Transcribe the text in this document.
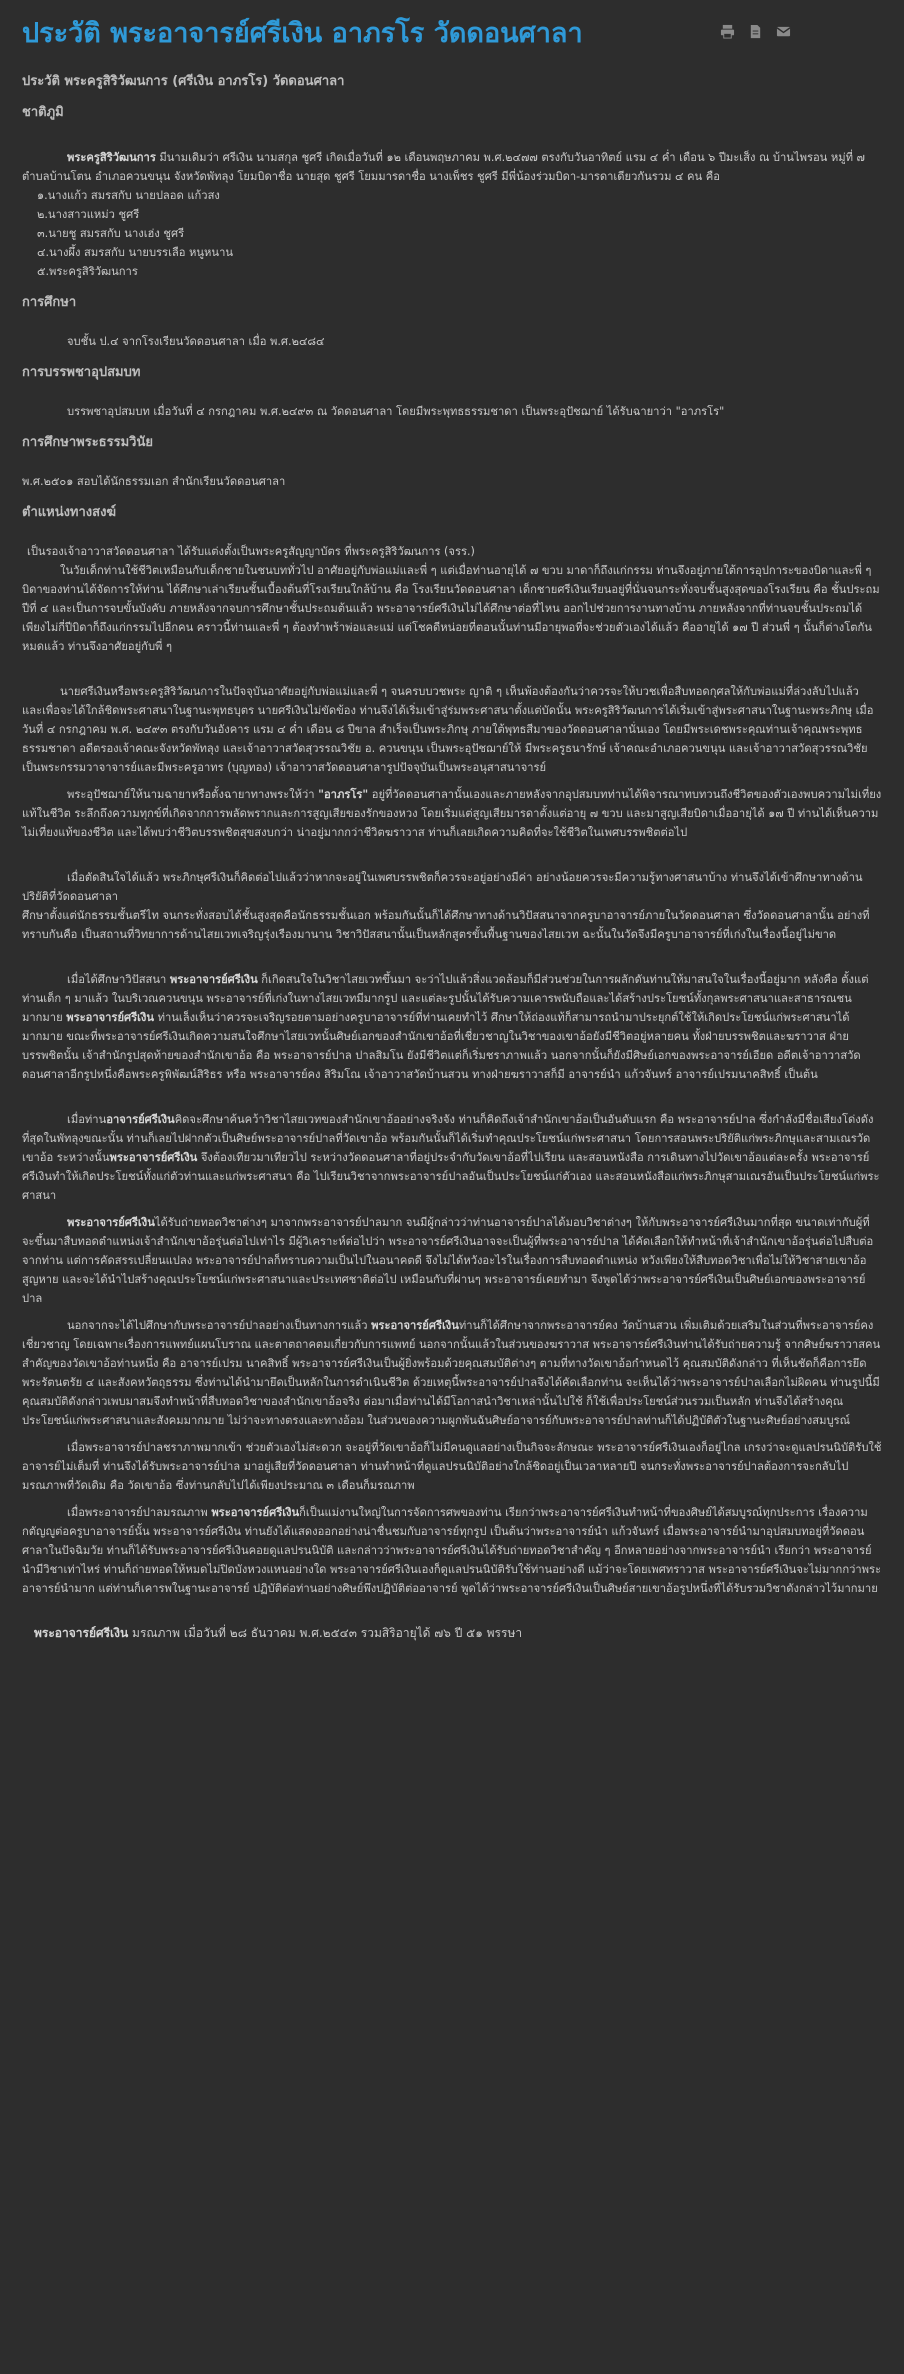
ประวัติ พระอาจารย์ศรีเงิน อาภรโร วัดดอนศาลา
ประวัติ พระครูสิริวัฒนการ (ศรีเงิน อาภรโร) วัดดอนศาลา
ชาติภูมิ

พระครูสิริวัฒนการ มีนามเดิมว่า ศรีเงิน นามสกุล ชูศรี เกิดเมื่อวันที่ ๑๒ เดือนพฤษภาคม พ.ศ.๒๔๗๗ ตรงกับวันอาทิตย์ แรม ๔ ค่ำ เดือน ๖ ปีมะเส็ง ณ บ้านไพรอน หมู่ที่ ๗ ตำบลบ้านโตน อำเภอควนขนุน จังหวัดพัทลุง โยมบิดาชื่อ นายสุด ชูศรี โยมมารดาชื่อ นางเพ็ชร ชูศรี มีพี่น้องร่วมบิดา-มารดาเดียวกันรวม ๔ คน คือ

๑.นางแก้ว สมรสกับ นายปลอด แก้วสง
๒.นางสาวแหม่ว ชูศรี
๓.นายชู สมรสกับ นางเฮ่ง ชูศรี
๔.นางผึ้ง สมรสกับ นายบรรเลือ หนูหนาน
๕.พระครูสิริวัฒนการ
การศึกษา

จบชั้น ป.๔ จากโรงเรียนวัดดอนศาลา เมื่อ พ.ศ.๒๔๘๔

การบรรพชาอุปสมบท

บรรพชาอุปสมบท เมื่อวันที่ ๔ กรกฎาคม พ.ศ.๒๔๙๓ ณ วัดดอนศาลา โดยมีพระพุทธธรรมชาดา เป็นพระอุปัชฌาย์ ได้รับฉายาว่า "อาภรโร"

การศึกษาพระธรรมวินัย

พ.ศ.๒๕๐๑ สอบได้นักธรรมเอก สำนักเรียนวัดดอนศาลา

ตำแหน่งทางสงฆ์

เป็นรองเจ้าอาวาสวัดดอนศาลา ได้รับแต่งตั้งเป็นพระครูสัญญาบัตร ที่พระครูสิริวัฒนการ (จรร.)

ในวัยเด็กท่านใช้ชีวิตเหมือนกับเด็กชายในชนบททั่วไป อาศัยอยู่กับพ่อแม่และพี่ ๆ แต่เมื่อท่านอายุได้ ๗ ขวบ มาดาก็ถึงแก่กรรม ท่านจึงอยู่ภายใต้การอุปการะของบิดาและพี่ ๆ บิดาของท่านได้จัดการให้ท่าน ได้ศึกษาเล่าเรียนชั้นเบื้องต้นที่โรงเรียนใกล้บ้าน คือ โรงเรียนวัดดอนศาลา เด็กชายศรีเงินเรียนอยู่ที่นั่นจนกระทั่งจบชั้นสูงสุดของโรงเรียน คือ ชั้นประถมปีที่ ๔ และเป็นการจบขั้นบังคับ ภายหลังจากจบการศึกษาชั้นประถมต้นแล้ว พระอาจารย์ศรีเงินไม่ได้ศึกษาต่อที่ไหน ออกไปช่วยการงานทางบ้าน ภายหลังจากที่ท่านจบชั้นประถมได้เพียงไม่กี่ปีบิดาก็ถึงแก่กรรมไปอีกคน คราวนี้ท่านและพี่ ๆ ต้องทำพร้าพ่อและแม่ แต่โชคดีหน่อยที่ตอนนั้นท่านมีอายุพอที่จะช่วยตัวเองได้แล้ว คืออายุได้ ๑๗ ปี ส่วนพี่ ๆ นั้นก็ต่างโตกันหมดแล้ว ท่านจึงอาศัยอยู่กับพี่ ๆ

นายศรีเงินหรือพระครูสิริวัฒนการในปัจจุบันอาศัยอยู่กับพ่อแม่และพี่ ๆ จนครบบวชพระ ญาติ ๆ เห็นพ้องต้องกันว่าควรจะให้บวชเพื่อสืบทอดกุศลให้กับพ่อแม่ที่ล่วงลับไปแล้ว และเพื่อจะได้ใกล้ชิดพระศาสนาในฐานะพุทธบุตร นายศรีเงินไม่ขัดข้อง ท่านจึงได้เริ่มเข้าสู่ร่มพระศาสนาตั้งแต่บัดนั้น พระครูสิริวัฒนการได้เริ่มเข้าสู่พระศาสนาในฐานะพระภิกษุ เมื่อวันที่ ๔ กรกฎาคม พ.ศ. ๒๔๙๓ ตรงกับวันอังคาร แรม ๔ ค่ำ เดือน ๘ ปีขาล สำเร็จเป็นพระภิกษุ ภายใต้พุทธสีมาของวัดดอนศาลานั่นเอง โดยมีพระเดชพระคุณท่านเจ้าคุณพระพุทธธรรมชาดา อดีตรองเจ้าคณะจังหวัดพัทลุง และเจ้าอาวาสวัดสุวรรณวิชัย อ. ควนขนุน เป็นพระอุปัชฌาย์ให้ มีพระครูธนารักษ์ เจ้าคณะอำเภอควนขนุน และเจ้าอาวาสวัดสุวรรณวิชัย เป็นพระกรรมวาจาจารย์และมีพระครูอาทร (บุญทอง) เจ้าอาวาสวัดดอนศาลารูปปัจจุบันเป็นพระอนุสาสนาจารย์

พระอุปัชฌาย์ให้นามฉายาหรือตั้งฉายาทางพระให้ว่า "อาภรโร" อยู่ที่วัดดอนศาลานั้นเองและภายหลังจากอุปสมบทท่านได้พิจารณาทบทวนถึงชีวิตของตัวเองพบความไม่เที่ยงแท้ในชีวิต ระลึกถึงความทุกข์ที่เกิดจากการพลัดพรากและการสูญเสียของรักของหวง โดยเริ่มแต่สูญเสียมารดาตั้งแต่อายุ ๗ ขวบ และมาสูญเสียบิดาเมื่ออายุได้ ๑๗ ปี ท่านได้เห็นความไม่เที่ยงแท้ของชีวิต และได้พบว่าชีวิตบรรพชิตสุขสงบกว่า น่าอยู่มากกว่าชีวิตฆราวาส ท่านก็เลยเกิดความคิดที่จะใช้ชีวิตในเพศบรรพชิตต่อไป

เมื่อตัดสินใจได้แล้ว พระภิกษุศรีเงินก็คิดต่อไปแล้วว่าหากจะอยู่ในเพศบรรพชิตก็ควรจะอยู่อย่างมีค่า อย่างน้อยควรจะมีความรู้ทางศาสนาบ้าง ท่านจึงได้เข้าศึกษาทางด้านปริยัติที่วัดดอนศาลา

ศึกษาตั้งแต่นักธรรมชั้นตรีไท จนกระทั่งสอบได้ชั้นสูงสุดคือนักธรรมชั้นเอก พร้อมกันนั้นก็ได้ศึกษาทางด้านวิปัสสนาจากครูบาอาจารย์ภายในวัดดอนศาลา ซึ่งวัดดอนศาลานั้น อย่างที่ทราบกันคือ เป็นสถานที่วิทยาการด้านไสยเวทเจริญรุ่งเรืองมานาน วิชาวิปัสสนานั้นเป็นหลักสูตรขั้นพื้นฐานของไสยเวท ฉะนั้นในวัดจึงมีครูบาอาจารย์ที่เก่งในเรื่องนี้อยู่ไม่ขาด

เมื่อได้ศึกษาวิปัสสนา พระอาจารย์ศรีเงิน ก็เกิดสนใจในวิชาไสยเวทขึ้นมา จะว่าไปแล้วสิ่งแวดล้อมก็มีส่วนช่วยในการผลักดันท่านให้มาสนใจในเรื่องนี้อยู่มาก หลังคือ ตั้งแต่ท่านเด็ก ๆ มาแล้ว ในบริเวณควนขนุน พระอาจารย์ที่เก่งในทางไสยเวทมีมากรูป และแต่ละรูปนั้นได้รับความเคารพนับถือและได้สร้างประโยชน์ทั้งกุลพระศาสนาและสาธารณชนมากมาย พระอาจารย์ศรีเงิน ท่านเล็งเห็นว่าควรจะเจริญรอยตามอย่างครูบาอาจารย์ที่ท่านเคยทำไว้ ศึกษาให้ถ่องแท้ก็สามารถนำมาประยุกต์ใช้ให้เกิดประโยชน์แก่พระศาสนาได้มากมาย ขณะที่พระอาจารย์ศรีเงินเกิดความสนใจศึกษาไสยเวทนั้นศิษย์เอกของสำนักเขาอ้อที่เชี่ยวชาญในวิชาของเขาอ้อยังมีชีวิตอยู่หลายคน ทั้งฝ่ายบรรพชิตและฆราวาส ฝ่ายบรรพชิตนั้น เจ้าสำนักรูปสุดท้ายของสำนักเขาอ้อ คือ พระอาจารย์ปาล ปาลสิมโน ยังมีชีวิตแต่ก็เริ่มชราภาพแล้ว นอกจากนั้นก็ยังมีศิษย์เอกของพระอาจารย์เอียด อดีตเจ้าอาวาสวัดดอนศาลาอีกรูปหนึ่งคือพระครูพิพัฒน์สิริธร หรือ พระอาจารย์คง สิริมโณ เจ้าอาวาสวัดบ้านสวน ทางฝ่ายฆราวาสก็มี อาจารย์นำ แก้วจันทร์ อาจารย์เปรมนาคสิทธิ์ เป็นต้น

เมื่อท่านอาจารย์ศรีเงินคิดจะศึกษาค้นคว้าวิชาไสยเวทของสำนักเขาอ้ออย่างจริงจัง ท่านก็คิดถึงเจ้าสำนักเขาอ้อเป็นอันดับแรก คือ พระอาจารย์ปาล ซึ่งกำลังมีชื่อเสียงโด่งดังที่สุดในพัทลุงขณะนั้น ท่านก็เลยไปฝากตัวเป็นศิษย์พระอาจารย์ปาลที่วัดเขาอ้อ พร้อมกันนั้นก็ได้เริ่มทำคุณประโยชน์แก่พระศาสนา โดยการสอนพระปริยัติแก่พระภิกษุและสามเณรวัดเขาอ้อ ระหว่างนั้นพระอาจารย์ศรีเงิน จึงต้องเทียวมาเทียวไป ระหว่างวัดดอนศาลาที่อยู่ประจำกับวัดเขาอ้อที่ไปเรียน และสอนหนังสือ การเดินทางไปวัดเขาอ้อแต่ละครั้ง พระอาจารย์ศรีเงินทำให้เกิดประโยชน์ทั้งแก่ตัวท่านและแก่พระศาสนา คือ ไปเรียนวิชาจากพระอาจารย์ปาลอันเป็นประโยชน์แก่ตัวเอง และสอนหนังสือแก่พระภิกษุสามเณรอันเป็นประโยชน์แก่พระศาสนา

พระอาจารย์ศรีเงินได้รับถ่ายทอดวิชาต่างๆ มาจากพระอาจารย์ปาลมาก จนมีผู้กล่าวว่าท่านอาจารย์ปาลได้มอบวิชาต่างๆ ให้กับพระอาจารย์ศรีเงินมากที่สุด ขนาดเท่ากับผู้ที่จะขึ้นมาสืบทอดตำแหน่งเจ้าสำนักเขาอ้อรุ่นต่อไปเท่าไร มีผู้วิเคราะห์ต่อไปว่า พระอาจารย์ศรีเงินอาจจะเป็นผู้ที่พระอาจารย์ปาล ได้คัดเลือกให้ทำหน้าที่เจ้าสำนักเขาอ้อรุ่นต่อไปสืบต่อจากท่าน แต่การคัดสรรเปลี่ยนแปลง พระอาจารย์ปาลก็ทราบความเป็นไปในอนาคตดี จึงไม่ได้หวังอะไรในเรื่องการสืบทอดตำแหน่ง หวังเพียงให้สืบทอดวิชาเพื่อไม่ให้วิชาสายเขาอ้อสูญหาย และจะได้นำไปสร้างคุณประโยชน์แก่พระศาสนาและประเทศชาติต่อไป เหมือนกับที่ผ่านๆ พระอาจารย์เคยทำมา จึงพูดได้ว่าพระอาจารย์ศรีเงินเป็นศิษย์เอกของพระอาจารย์ปาล

นอกจากจะได้ไปศึกษากับพระอาจารย์ปาลอย่างเป็นทางการแล้ว พระอาจารย์ศรีเงินท่านก็ได้ศึกษาจากพระอาจารย์คง วัดบ้านสวน เพิ่มเติมด้วยเสริมในส่วนที่พระอาจารย์คงเชี่ยวชาญ โดยเฉพาะเรื่องการแพทย์แผนโบราณ และตาตถาคตมเกี่ยวกับการแพทย์ นอกจากนั้นแล้วในส่วนของฆราวาส พระอาจารย์ศรีเงินท่านได้รับถ่ายความรู้ จากศิษย์ฆราวาสคนสำคัญของวัดเขาอ้อท่านหนึ่ง คือ อาจารย์เปรม นาคสิทธิ์ พระอาจารย์ศรีเงินเป็นผู้ยิ่งพร้อมด้วยคุณสมบัติต่างๆ ตามที่ทางวัดเขาอ้อกำหนดไว้ คุณสมบัติดังกล่าว ที่เห็นชัดก็คือการยึดพระรัตนตรัย ๔ และสังคหวัตถุธรรม ซึ่งท่านได้นำมายึดเป็นหลักในการดำเนินชีวิต ด้วยเหตุนี้พระอาจารย์ปาลจึงได้คัดเลือกท่าน จะเห็นได้ว่าพระอาจารย์ปาลเลือกไม่ผิดคน ท่านรูปนี้มีคุณสมบัติดังกล่าวเพบมาสมจึงทำหน้าที่สืบทอดวิชาของสำนักเขาอ้อจริง ต่อมาเมื่อท่านได้มีโอกาสนำวิชาเหล่านั้นไปใช้ ก็ใช้เพื่อประโยชน์ส่วนรวมเป็นหลัก ท่านจึงได้สร้างคุณประโยชน์แก่พระศาสนาและสังคมมากมาย ไม่ว่าจะทางตรงและทางอ้อม ในส่วนของความผูกพันฉันศิษย์อาจารย์กับพระอาจารย์ปาลท่านก็ได้ปฏิบัติตัวในฐานะศิษย์อย่างสมบูรณ์

เมื่อพระอาจารย์ปาลชราภาพมากเข้า ช่วยตัวเองไม่สะดวก จะอยู่ที่วัดเขาอ้อก็ไม่มีคนดูแลอย่างเป็นกิจจะลักษณะ พระอาจารย์ศรีเงินเองก็อยู่ไกล เกรงว่าจะดูแลปรนนิบัติรับใช้อาจารย์ไม่เต็มที่ ท่านจึงได้รับพระอาจารย์ปาล มาอยู่เสียที่วัดดอนศาลา ท่านทำหน้าที่ดูแลปรนนิบัติอย่างใกล้ชิดอยู่เป็นเวลาหลายปี จนกระทั่งพระอาจารย์ปาลต้องการจะกลับไปมรณภาพที่วัดเดิม คือ วัดเขาอ้อ ซึ่งท่านกลับไปได้เพียงประมาณ ๓ เดือนก็มรณภาพ

เมื่อพระอาจารย์ปาลมรณภาพ พระอาจารย์ศรีเงินก็เป็นแม่งานใหญ่ในการจัดการศพของท่าน เรียกว่าพระอาจารย์ศรีเงินทำหน้าที่ของศิษย์ได้สมบูรณ์ทุกประการ เรื่องความกตัญญูต่อครูบาอาจารย์นั้น พระอาจารย์ศรีเงิน ท่านยังได้แสดงออกอย่างน่าชื่นชมกับอาจารย์ทุกรูป เป็นต้นว่าพระอาจารย์นำ แก้วจันทร์ เมื่อพระอาจารย์นำมาอุปสมบทอยู่ที่วัดดอนศาลาในปัจฉิมวัย ท่านก็ได้รับพระอาจารย์ศรีเงินคอยดูแลปรนนิบัติ และกล่าวว่าพระอาจารย์ศรีเงินได้รับถ่ายทอดวิชาสำคัญ ๆ อีกหลายอย่างจากพระอาจารย์นำ เรียกว่า พระอาจารย์นำมีวิชาเท่าไหร่ ท่านก็ถ่ายทอดให้หมดไม่ปิดบังหวงแหนอย่างใด พระอาจารย์ศรีเงินเองก็ดูแลปรนนิบัติรับใช้ท่านอย่างดี แม้ว่าจะโดยเพศทราวาส พระอาจารย์ศรีเงินจะไม่มากกว่าพระอาจารย์นำมาก แต่ท่านก็เคารพในฐานะอาจารย์ ปฏิบัติต่อท่านอย่างศิษย์พึงปฏิบัติต่ออาจารย์ พูดได้ว่าพระอาจารย์ศรีเงินเป็นศิษย์สายเขาอ้อรูปหนึ่งที่ได้รับรวมวิชาดังกล่าวไว้มากมาย

พระอาจารย์ศรีเงิน มรณภาพ เมื่อวันที่ ๒๘ ธันวาคม พ.ศ.๒๕๔๓ รวมสิริอายุได้ ๗๖ ปี ๕๑ พรรษา
